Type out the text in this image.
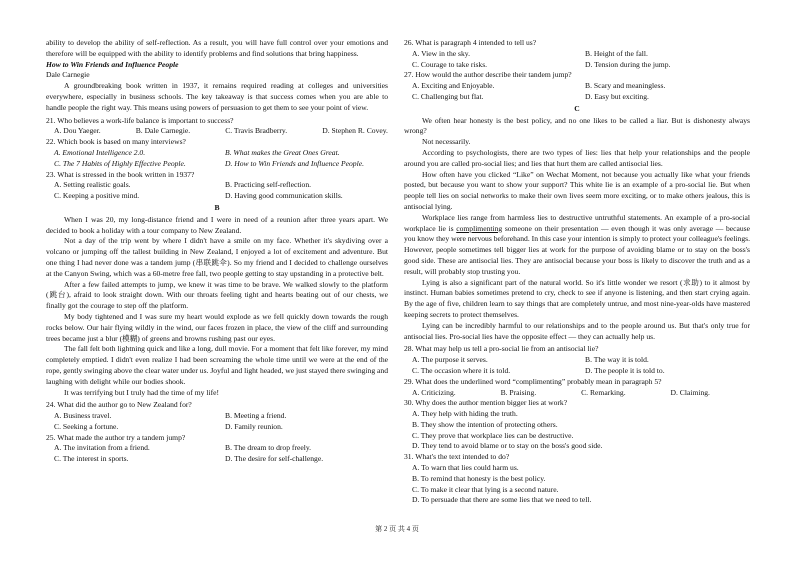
ability to develop the ability of self-reflection. As a result, you will have full control over your emotions and therefore will be equipped with the ability to identify problems and find solutions that bring happiness.

How to Win Friends and Influence People

Dale Carnegie

A groundbreaking book written in 1937, it remains required reading at colleges and universities everywhere, especially in business schools. The key takeaway is that success comes when you are able to handle people the right way. This means using powers of persuasion to get them to see your point of view.

21. Who believes a work-life balance is important to success?

A. Dou Yaeger.	B. Dale Carnegie.	C. Travis Bradberry.	D. Stephen R. Covey.

22. Which book is based on many interviews?

A. Emotional Intelligence 2.0.	B. What makes the Great Ones Great.
C. The 7 Habits of Highly Effective People.	D. How to Win Friends and Influence People.

23. What is stressed in the book written in 1937?

A. Setting realistic goals.	B. Practicing self-reflection.
C. Keeping a positive mind.	D. Having good communication skills.

B

When I was 20, my long-distance friend and I were in need of a reunion after three years apart. We decided to book a holiday with a tour company to New Zealand.

Not a day of the trip went by where I didn't have a smile on my face. Whether it's skydiving over a volcano or jumping off the tallest building in New Zealand, I enjoyed a lot of excitement and adventure. But one thing I had never done was a tandem jump (串联跳伞). So my friend and I decided to challenge ourselves at the Canyon Swing, which was a 60-metre free fall, two people getting to stay upstanding in a protective belt.

After a few failed attempts to jump, we knew it was time to be brave. We walked slowly to the platform (跳台), afraid to look straight down. With our throats feeling tight and hearts beating out of our chests, we finally got the courage to step off the platform.

My body tightened and I was sure my heart would explode as we fell quickly down towards the rough rocks below. Our hair flying wildly in the wind, our faces frozen in place, the view of the cliff and surrounding trees became just a blur (模糊) of greens and browns rushing past our eyes.

The fall felt both lightning quick and like a long, dull movie. For a moment that felt like forever, my mind completely emptied. I didn't even realize I had been screaming the whole time until we were at the end of the rope, gently swinging above the clear water under us. Joyful and light headed, we just stayed there swinging and laughing with delight while our bodies shook.

It was terrifying but I truly had the time of my life!

24. What did the author go to New Zealand for?

A. Business travel.	B. Meeting a friend.
C. Seeking a fortune.	D. Family reunion.

25. What made the author try a tandem jump?

A. The invitation from a friend.	B. The dream to drop freely.
C. The interest in sports.	D. The desire for self-challenge.

26. What is paragraph 4 intended to tell us?

A. View in the sky.	B. Height of the fall.
C. Courage to take risks.	D. Tension during the jump.

27. How would the author describe their tandem jump?

A. Exciting and Enjoyable.	B. Scary and meaningless.
C. Challenging but flat.	D. Easy but exciting.

C

We often hear honesty is the best policy, and no one likes to be called a liar. But is dishonesty always wrong?

Not necessarily.

According to psychologists, there are two types of lies: lies that help your relationships and the people around you are called pro-social lies; and lies that hurt them are called antisocial lies.

How often have you clicked “Like” on Wechat Moment, not because you actually like what your friends posted, but because you want to show your support? This white lie is an example of a pro-social lie. But when people tell lies on social networks to make their own lives seem more exciting, or to make others jealous, this is antisocial lying.

Workplace lies range from harmless lies to destructive untruthful statements. An example of a pro-social workplace lie is complimenting someone on their presentation — even though it was only average — because you know they were nervous beforehand. In this case your intention is simply to protect your colleague's feelings. However, people sometimes tell bigger lies at work for the purpose of avoiding blame or to stay on the boss's good side. These are antisocial lies. They are antisocial because your boss is likely to discover the truth and as a result, will probably stop trusting you.

Lying is also a significant part of the natural world. So it's little wonder we resort (求助) to it almost by instinct. Human babies sometimes pretend to cry, check to see if anyone is listening, and then start crying again. By the age of five, children learn to say things that are completely untrue, and most nine-year-olds have mastered keeping secrets to protect themselves.

Lying can be incredibly harmful to our relationships and to the people around us. But that's only true for antisocial lies. Pro-social lies have the opposite effect — they can actually help us.

28. What may help us tell a pro-social lie from an antisocial lie?

A. The purpose it serves.	B. The way it is told.
C. The occasion where it is told.	D. The people it is told to.

29. What does the underlined word “complimenting” probably mean in paragraph 5?

A. Criticizing.	B. Praising.	C. Remarking.	D. Claiming.

30. Why does the author mention bigger lies at work?

A. They help with hiding the truth.
B. They show the intention of protecting others.
C. They prove that workplace lies can be destructive.
D. They tend to avoid blame or to stay on the boss's good side.

31. What's the text intended to do?

A. To warn that lies could harm us.
B. To remind that honesty is the best policy.
C. To make it clear that lying is a second nature.
D. To persuade that there are some lies that we need to tell.
第 2 页 共 4 页
